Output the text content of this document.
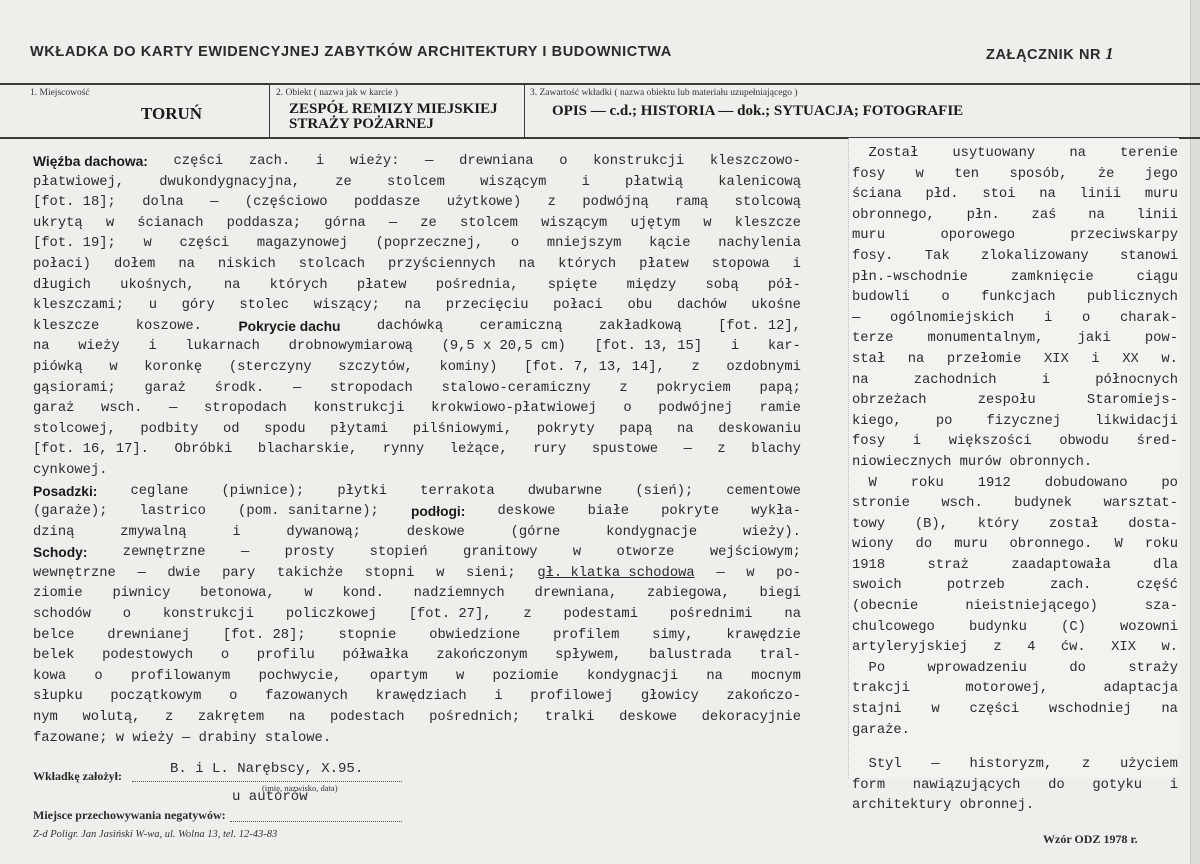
WKŁADKA DO KARTY EWIDENCYJNEJ ZABYTKÓW ARCHITEKTURY I BUDOWNICTWA	ZAŁĄCZNIK NR 1
1. Miejscowość
TORUŃ
2. Obiekt ( nazwa jak w karcie )
ZESPÓŁ REMIZY MIEJSKIEJ
STRAŻY POŻARNEJ
3. Zawartość wkładki ( nazwa obiektu lub materiału uzupełniającego )
OPIS — c.d.; HISTORIA — dok.; SYTUACJA; FOTOGRAFIE
Więźba dachowa: części zach. i wieży: — drewniana o konstrukcji kleszczowo-
płatwiowej,	dwukondygnacyjna,	ze	stolcem	wiszącym	i	płatwią	kalenicową
[fot. 18]; dolna — (częściowo poddasze użytkowe) z podwójną ramą stolcową
ukrytą w ścianach poddasza; górna — ze stolcem wiszącym ujętym w kleszcze
[fot. 19]; w części magazynowej (poprzecznej, o mniejszym kącie nachylenia
połaci) dołem na niskich stolcach przyściennych na których płatew stopowa i
długich ukośnych, na których płatew pośrednia, spięte między sobą pół-
kleszczami; u góry stolec wiszący; na przecięciu połaci obu dachów ukośne
kleszcze	koszowe.	Pokrycie dachu	dachówką	ceramiczną	zakładkową	[fot. 12],
na wieży i lukarnach drobnowymiarową (9,5 x 20,5 cm) [fot. 13, 15] i kar-
piówką w koronkę (sterczyny szczytów, kominy) [fot. 7, 13, 14], z ozdobnymi
gąsiorami; garaż środk. — stropodach stalowo-ceramiczny z pokryciem papą;
garaż wsch. — stropodach konstrukcji krokwiowo-płatwiowej o podwójnej ramie
stolcowej, podbity od spodu płytami pilśniowymi, pokryty papą na deskowaniu
[fot. 16, 17]. Obróbki blacharskie, rynny leżące, rury spustowe — z blachy
cynkowej.
Posadzki: ceglane (piwnice); płytki terrakota dwubarwne (sień); cementowe
(garaże); lastrico (pom. sanitarne); podłogi: deskowe białe pokryte wykła-
dziną	zmywalną	i	dywanową;	deskowe	(górne	kondygnacje	wieży).
Schody:	zewnętrzne	—	prosty	stopień	granitowy	w	otworze	wejściowym;
wewnętrzne — dwie pary takichże stopni w sieni; gł. klatka schodowa — w po-
ziomie piwnicy betonowa, w kond. nadziemnych drewniana, zabiegowa, biegi
schodów o konstrukcji policzkowej [fot. 27], z podestami pośrednimi na
belce drewnianej [fot. 28]; stopnie obwiedzione profilem simy, krawędzie
belek podestowych o profilu półwałka zakończonym spływem, balustrada tral-
kowa o profilowanym pochwycie, opartym w poziomie kondygnacji na mocnym
słupku początkowym o fazowanych krawędziach i profilowej głowicy zakończo-
nym wolutą, z zakrętem na podestach pośrednich; tralki deskowe dekoracyjnie
fazowane; w wieży — drabiny stalowe.
Został usytuowany na terenie
fosy w ten sposób, że jego
ściana płd. stoi na linii muru
obronnego, płn. zaś na linii
muru	oporowego	przeciwskarpy
fosy. Tak zlokalizowany stanowi
płn.-wschodnie	zamknięcie	ciągu
budowli o funkcjach publicznych
— ogólnomiejskich i o charak-
terze monumentalnym, jaki pow-
stał na przełomie XIX i XX w.
na	zachodnich	i	północnych
obrzeżach	zespołu	Staromiejs-
kiego, po fizycznej likwidacji
fosy i większości obwodu śred-
niowiecznych murów obronnych.
W roku 1912 dobudowano po
stronie wsch. budynek warsztat-
towy (B), który został dosta-
wiony do muru obronnego. W roku
1918	straż	zaadaptowała	dla
swoich	potrzeb	zach.	część
(obecnie	nieistniejącego)	sza-
chulcowego budynku (C) wozowni
artyleryjskiej z 4 ćw. XIX w.
Po	wprowadzeniu	do	straży
trakcji	motorowej,	adaptacja
stajni w części wschodniej na
garaże.
Styl — historyzm, z użyciem
form nawiązujących do gotyku i
architektury obronnej.
Wkładkę założył:	B. i L. Narębscy, X.95.
(imię, nazwisko, data)
u autorów
Miejsce przechowywania negatywów:
Z-d Poligr. Jan Jasiński W-wa, ul. Wolna 13, tel. 12-43-83	Wzór ODZ 1978 r.
